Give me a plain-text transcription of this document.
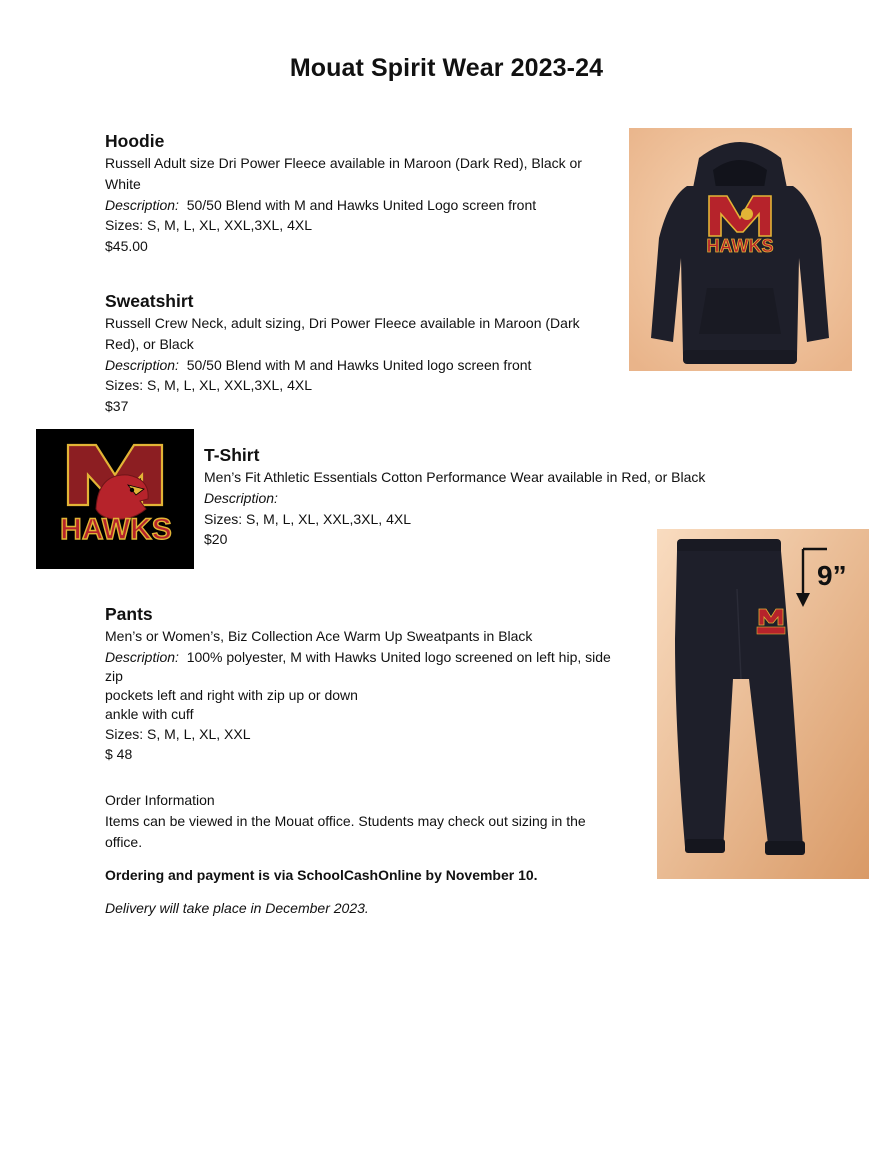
Mouat Spirit Wear 2023-24
Hoodie
Russell Adult size Dri Power Fleece available in Maroon (Dark Red), Black or
White
Description: 50/50 Blend with M and Hawks United Logo screen front
Sizes: S, M, L, XL, XXL,3XL, 4XL
$45.00	HAWKS
Sweatshirt
Russell Crew Neck, adult sizing, Dri Power Fleece available in Maroon (Dark
Red), or Black
Description: 50/50 Blend with M and Hawks United logo screen front
Sizes: S, M, L, XL, XXL,3XL, 4XL
$37
HAWKS
T-Shirt
Men’s Fit Athletic Essentials Cotton Performance Wear available in Red, or Black
Description:
Sizes: S, M, L, XL, XXL,3XL, 4XL
$20
9”
Pants
Men’s or Women’s, Biz Collection Ace Warm Up Sweatpants in Black
Description: 100% polyester, M with Hawks United logo screened on left hip, side
zip
pockets left and right with zip up or down
ankle with cuff
Sizes: S, M, L, XL, XXL
$ 48
Order Information
Items can be viewed in the Mouat office. Students may check out sizing in the
office.
Ordering and payment is via SchoolCashOnline by November 10.
Delivery will take place in December 2023.
